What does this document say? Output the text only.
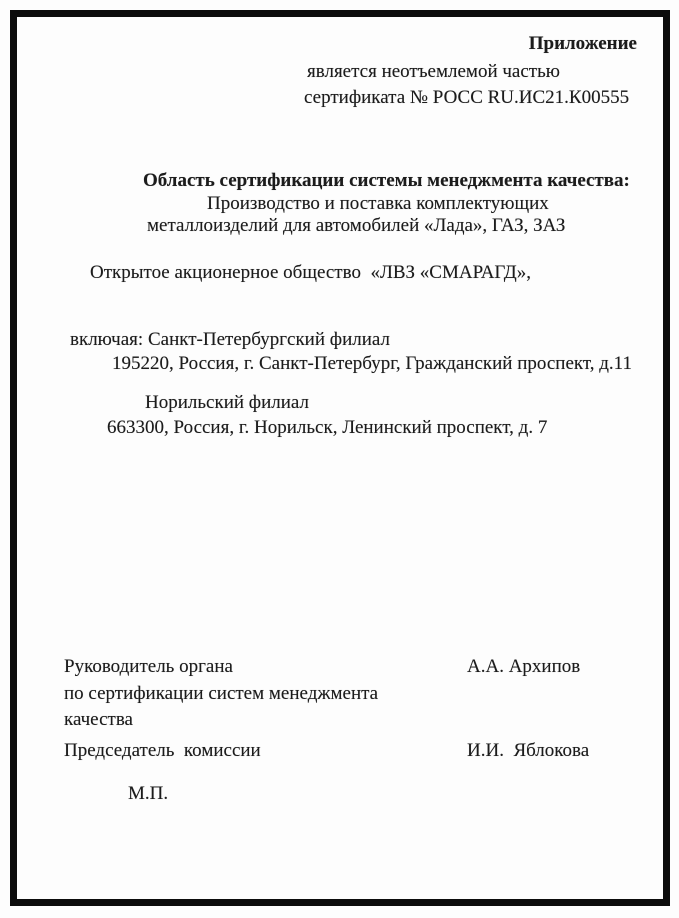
Приложение
является неотъемлемой частью
сертификата № РОСС RU.ИС21.К00555
Область сертификации системы менеджмента качества:
Производство и поставка комплектующих
металлоизделий для автомобилей «Лада», ГАЗ, ЗАЗ
Открытое акционерное общество  «ЛВЗ «СМАРАГД»,
включая: Санкт-Петербургский филиал
195220, Россия, г. Санкт-Петербург, Гражданский проспект, д.11
Норильский филиал
663300, Россия, г. Норильск, Ленинский проспект, д. 7
Руководитель органа	А.А. Архипов
по сертификации систем менеджмента
качества
Председатель  комиссии	И.И.  Яблокова
М.П.
